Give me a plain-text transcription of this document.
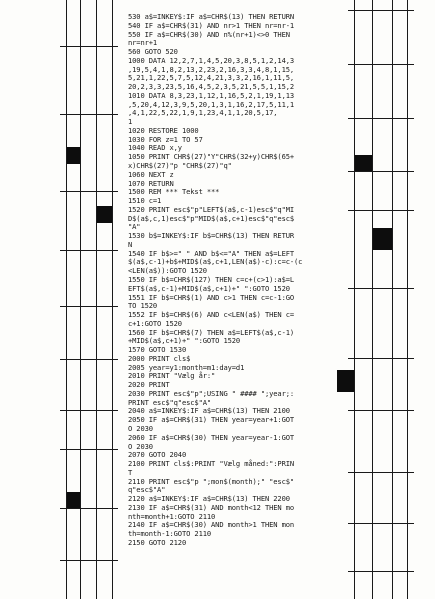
530 a$=INKEY$:IF a$=CHR$(13) THEN RETURN
540 IF a$=CHR$(31) AND nr>1 THEN nr=nr-1
550 IF a$=CHR$(30) AND n%(nr+1)<>0 THEN
nr=nr+1
560 GOTO 520
1000 DATA 12,2,7,1,4,5,20,3,8,5,1,2,14,3
,19,5,4,1,8,2,13,2,23,2,16,3,3,4,8,1,15,
5,21,1,22,5,7,5,12,4,21,3,3,2,16,1,11,5,
20,2,3,3,23,5,16,4,5,2,3,5,21,5,5,1,15,2
1010 DATA 8,3,23,1,12,1,16,5,2,1,19,1,13
,5,20,4,12,3,9,5,20,1,3,1,16,2,17,5,11,1
,4,1,22,5,22,1,9,1,23,4,1,1,20,5,17,
1
1020 RESTORE 1000
1030 FOR z=1 TO 57
1040 READ x,y
1050 PRINT CHR$(27)"Y"CHR$(32+y)CHR$(65+
x)CHR$(27)"p "CHR$(27)"q"
1060 NEXT z
1070 RETURN
1500 REM *** Tekst ***
1510 c=1
1520 PRINT esc$"p"LEFT$(a$,c-1)esc$"q"MI
D$(a$,c,1)esc$"p"MID$(a$,c+1)esc$"q"esc$
"A"
1530 b$=INKEY$:IF b$=CHR$(13) THEN RETUR
N
1540 IF b$>=" " AND b$<="A" THEN a$=LEFT
$(a$,c-1)+b$+MID$(a$,c+1,LEN(a$)-c):c=c-(c
<LEN(a$)):GOTO 1520
1550 IF b$=CHR$(127) THEN c=c+(c>1):a$=L
EFT$(a$,c-1)+MID$(a$,c+1)+" ":GOTO 1520
1551 IF b$=CHR$(1) AND c>1 THEN c=c-1:GO
TO 1520
1552 IF b$=CHR$(6) AND c<LEN(a$) THEN c=
c+1:GOTO 1520
1560 IF b$=CHR$(7) THEN a$=LEFT$(a$,c-1)
+MID$(a$,c+1)+" ":GOTO 1520
1570 GOTO 1530
2000 PRINT cls$
2005 year=y1:month=m1:day=d1
2010 PRINT "Vælg år:"
2020 PRINT
2030 PRINT esc$"p";USING " #### ";year;:
PRINT esc$"q"esc$"A"
2040 a$=INKEY$:IF a$=CHR$(13) THEN 2100
2050 IF a$=CHR$(31) THEN year=year+1:GOT
O 2030
2060 IF a$=CHR$(30) THEN year=year-1:GOT
O 2030
2070 GOTO 2040
2100 PRINT cls$:PRINT "Vælg måned:":PRIN
T
2110 PRINT esc$"p ";mon$(month);" "esc$"
q"esc$"A"
2120 a$=INKEY$:IF a$=CHR$(13) THEN 2200
2130 IF a$=CHR$(31) AND month<12 THEN mo
nth=month+1:GOTO 2110
2140 IF a$=CHR$(30) AND month>1 THEN mon
th=month-1:GOTO 2110
2150 GOTO 2120
